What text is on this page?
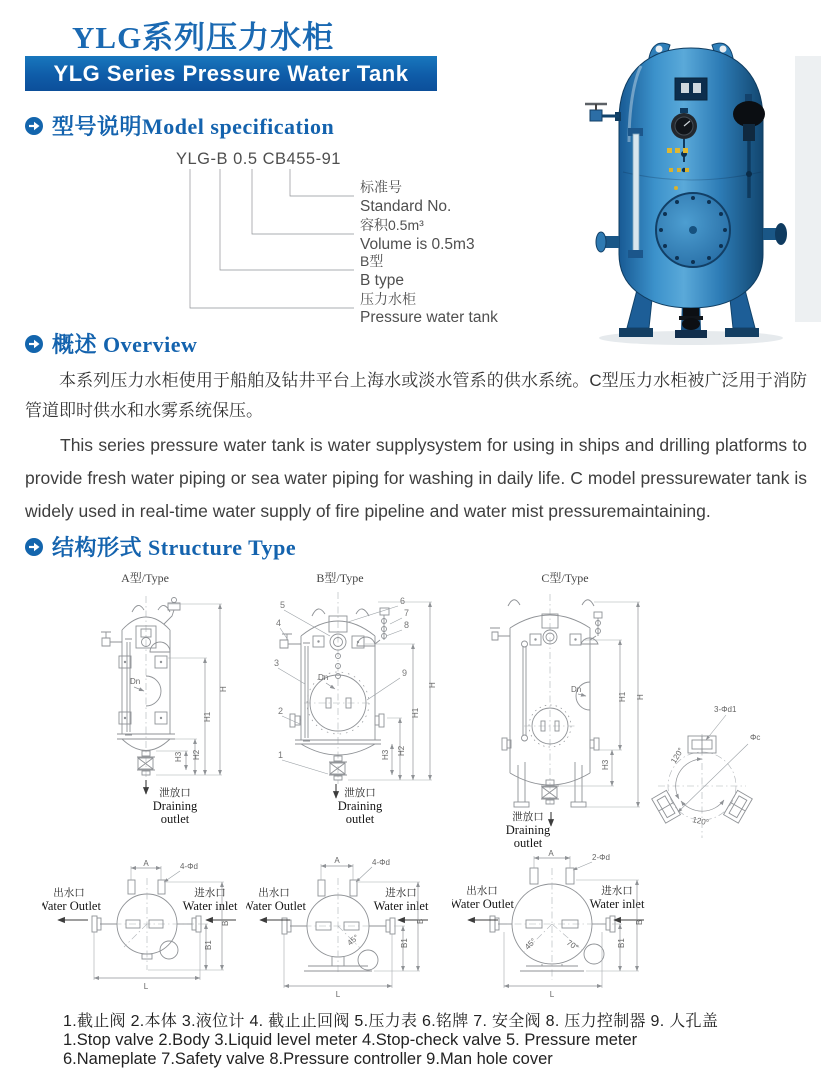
YLG系列压力水柜
YLG Series Pressure Water Tank
型号说明Model specification
YLG-B 0.5 CB455-91
标准号
容积0.5m³
B型
压力水柜
Standard No.
Volume is 0.5m3
B type
Pressure water tank
概述 Overview
本系列压力水柜使用于船舶及钻井平台上海水或淡水管系的供水系统。C型压力水柜被广泛用于消防管道即时供水和水雾系统保压。
This series pressure water tank is water supplysystem for using in ships and drilling platforms to provide fresh water piping or sea water piping for washing in daily life. C model pressurewater tank is widely used in real-time water supply of fire pipeline and water mist pressuremaintaining.
结构形式 Structure Type
A型/Type	B型/Type	C型/Type
Dn
H
H1
H2
H3
泄放口
Draining
outlet
Dn
H
H1
H2
H3
5
4
3
2
1
6
7
8
9
泄放口
Draining
outlet
Dn
H
H1
H3
泄放口
Draining
outlet
3-Φd1
Φc
120°
120°
A	4-Φd
出水口
Water Outlet
进水口
Water inlet
B
B1
L
A	4-Φd
45°
出水口
Water Outlet
进水口
Water inlet
B
B1
L
A	2-Φd
45°	70°
出水口
Water Outlet
进水口
Water inlet
B
B1
L
1.截止阀 2.本体 3.液位计 4. 截止止回阀 5.压力表 6.铭牌 7. 安全阀 8. 压力控制器 9. 人孔盖
1.Stop valve 2.Body 3.Liquid level meter 4.Stop-check valve 5. Pressure meter
6.Nameplate 7.Safety valve 8.Pressure controller 9.Man hole cover
